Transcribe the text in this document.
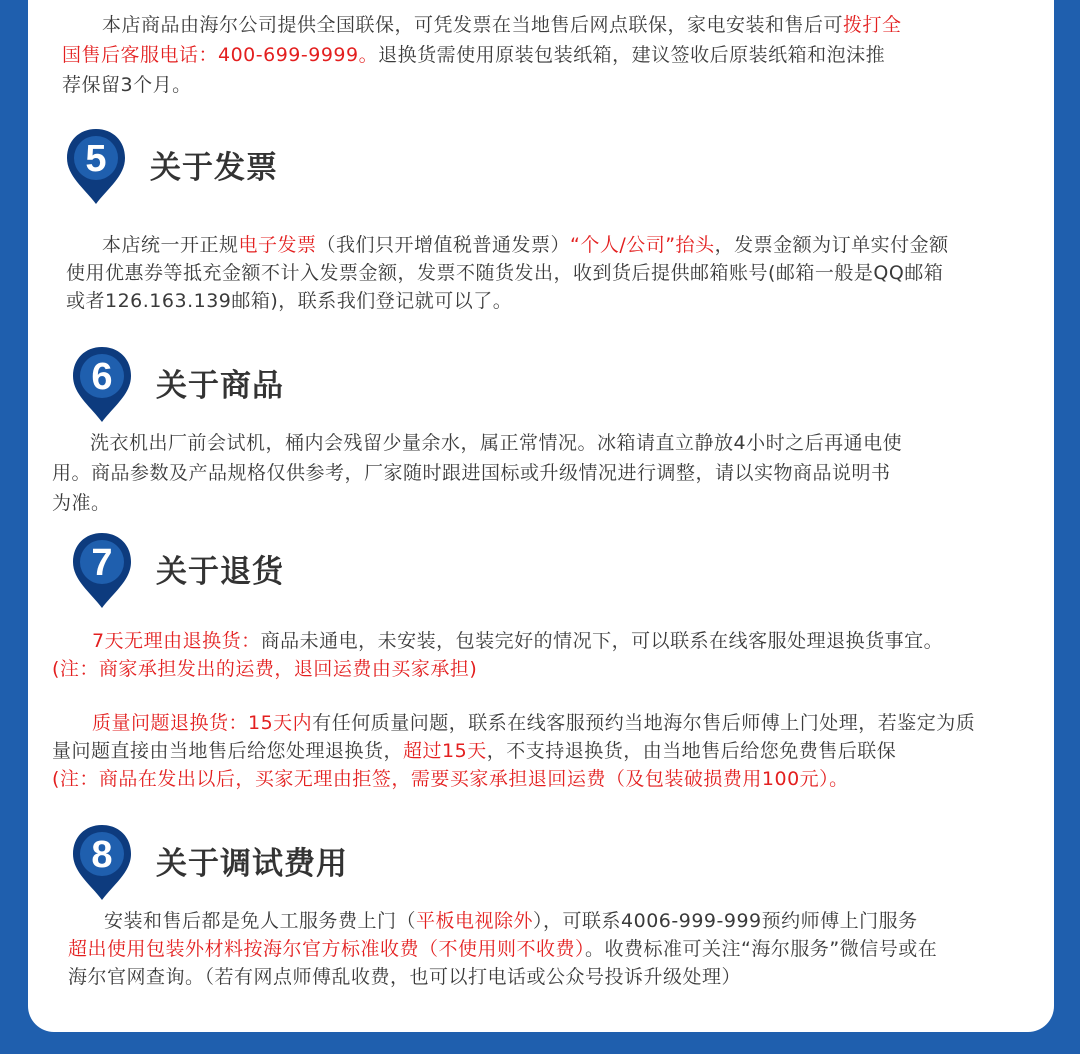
本店商品由海尔公司提供全国联保，可凭发票在当地售后网点联保，家电安装和售后可拨打全
国售后客服电话：400-699-9999。退换货需使用原装包装纸箱，建议签收后原装纸箱和泡沫推
荐保留3个月。
5 关于发票
本店统一开正规电子发票（我们只开增值税普通发票）“个人/公司”抬头，发票金额为订单实付金额
使用优惠券等抵充金额不计入发票金额，发票不随货发出，收到货后提供邮箱账号(邮箱一般是QQ邮箱
或者126.163.139邮箱)，联系我们登记就可以了。
6 关于商品
洗衣机出厂前会试机，桶内会残留少量余水，属正常情况。冰箱请直立静放4小时之后再通电使
用。商品参数及产品规格仅供参考，厂家随时跟进国标或升级情况进行调整，请以实物商品说明书
为准。
7 关于退货
7天无理由退换货：商品未通电，未安装，包装完好的情况下，可以联系在线客服处理退换货事宜。
(注：商家承担发出的运费，退回运费由买家承担)
质量问题退换货：15天内有任何质量问题，联系在线客服预约当地海尔售后师傅上门处理，若鉴定为质
量问题直接由当地售后给您处理退换货，超过15天，不支持退换货，由当地售后给您免费售后联保
(注：商品在发出以后，买家无理由拒签，需要买家承担退回运费（及包装破损费用100元）。
8 关于调试费用
安装和售后都是免人工服务费上门（平板电视除外），可联系4006-999-999预约师傅上门服务
超出使用包装外材料按海尔官方标准收费（不使用则不收费）。收费标准可关注“海尔服务”微信号或在
海尔官网查询。（若有网点师傅乱收费，也可以打电话或公众号投诉升级处理）
